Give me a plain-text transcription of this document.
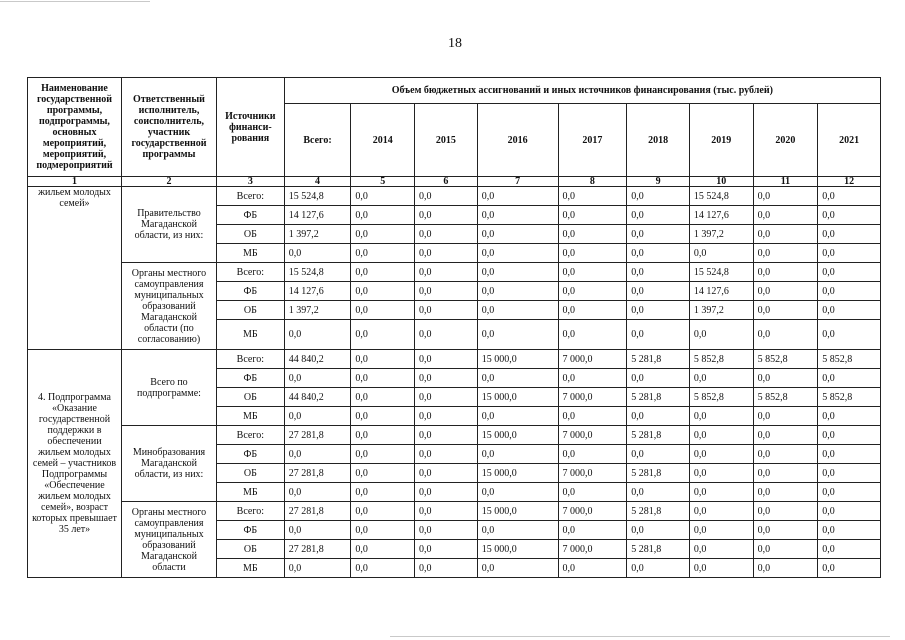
18
Наименование государственной программы, подпрограммы, основных мероприятий, мероприятий, подмероприятий	Ответственный исполнитель, соисполнитель, участник государственной программы	Источники финанси-рования	Объем бюджетных ассигнований и иных источников финансирования (тыс. рублей)								
			Всего:	2014	2015	2016	2017	2018	2019	2020	2021
1	2	3	4	5	6	7	8	9	10	11	12
жильем молодых семей»	Правительство Магаданской области, из них:	Всего:	15 524,8	0,0	0,0	0,0	0,0	0,0	15 524,8	0,0	0,0
		ФБ	14 127,6	0,0	0,0	0,0	0,0	0,0	14 127,6	0,0	0,0
		ОБ	1 397,2	0,0	0,0	0,0	0,0	0,0	1 397,2	0,0	0,0
		МБ	0,0	0,0	0,0	0,0	0,0	0,0	0,0	0,0	0,0
	Органы местного самоуправления муниципальных образований Магаданской области (по согласованию)	Всего:	15 524,8	0,0	0,0	0,0	0,0	0,0	15 524,8	0,0	0,0
		ФБ	14 127,6	0,0	0,0	0,0	0,0	0,0	14 127,6	0,0	0,0
		ОБ	1 397,2	0,0	0,0	0,0	0,0	0,0	1 397,2	0,0	0,0
		МБ	0,0	0,0	0,0	0,0	0,0	0,0	0,0	0,0	0,0
4. Подпрограмма «Оказание государственной поддержки в обеспечении жильем молодых семей – участников Подпрограммы «Обеспечение жильем молодых семей», возраст которых превышает 35 лет»	Всего по подпрограмме:	Всего:	44 840,2	0,0	0,0	15 000,0	7 000,0	5 281,8	5 852,8	5 852,8	5 852,8
		ФБ	0,0	0,0	0,0	0,0	0,0	0,0	0,0	0,0	0,0
		ОБ	44 840,2	0,0	0,0	15 000,0	7 000,0	5 281,8	5 852,8	5 852,8	5 852,8
		МБ	0,0	0,0	0,0	0,0	0,0	0,0	0,0	0,0	0,0
	Минобразования Магаданской области, из них:	Всего:	27 281,8	0,0	0,0	15 000,0	7 000,0	5 281,8	0,0	0,0	0,0
		ФБ	0,0	0,0	0,0	0,0	0,0	0,0	0,0	0,0	0,0
		ОБ	27 281,8	0,0	0,0	15 000,0	7 000,0	5 281,8	0,0	0,0	0,0
		МБ	0,0	0,0	0,0	0,0	0,0	0,0	0,0	0,0	0,0
	Органы местного самоуправления муниципальных образований Магаданской области	Всего:	27 281,8	0,0	0,0	15 000,0	7 000,0	5 281,8	0,0	0,0	0,0
		ФБ	0,0	0,0	0,0	0,0	0,0	0,0	0,0	0,0	0,0
		ОБ	27 281,8	0,0	0,0	15 000,0	7 000,0	5 281,8	0,0	0,0	0,0
		МБ	0,0	0,0	0,0	0,0	0,0	0,0	0,0	0,0	0,0
